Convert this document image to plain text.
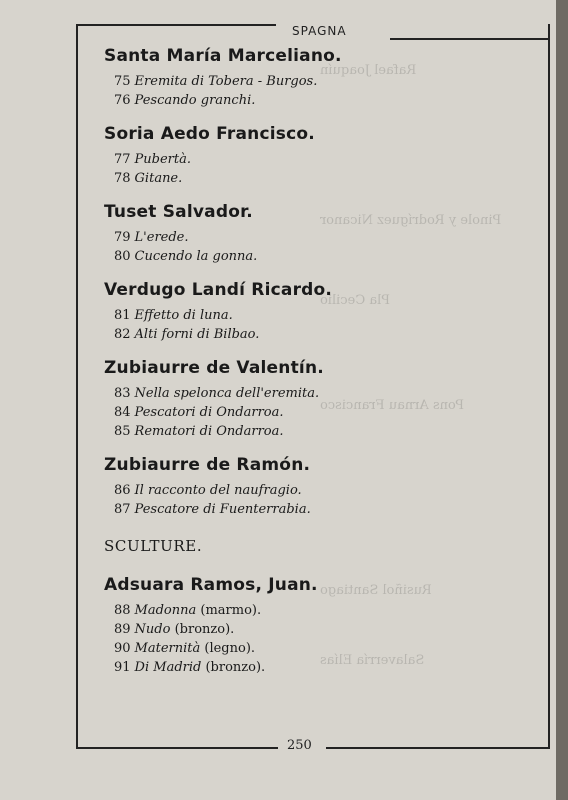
Rafael Joaquín
Pinole y Rodríguez Nicanor
Pla Cecilio
Pons Arnau Francisco
Rusiñol Santiago
Salaverría Elías
SPAGNA
Santa María Marceliano.
75 Eremita di Tobera - Burgos.
76 Pescando granchi.
Soria Aedo Francisco.
77 Pubertà.
78 Gitane.
Tuset Salvador.
79 L'erede.
80 Cucendo la gonna.
Verdugo Landí Ricardo.
81 Effetto di luna.
82 Alti forni di Bilbao.
Zubiaurre de Valentín.
83 Nella spelonca dell'eremita.
84 Pescatori di Ondarroa.
85 Rematori di Ondarroa.
Zubiaurre de Ramón.
86 Il racconto del naufragio.
87 Pescatore di Fuenterrabia.
SCULTURE.
Adsuara Ramos, Juan.
88 Madonna (marmo).
89 Nudo (bronzo).
90 Maternità (legno).
91 Di Madrid (bronzo).
250
